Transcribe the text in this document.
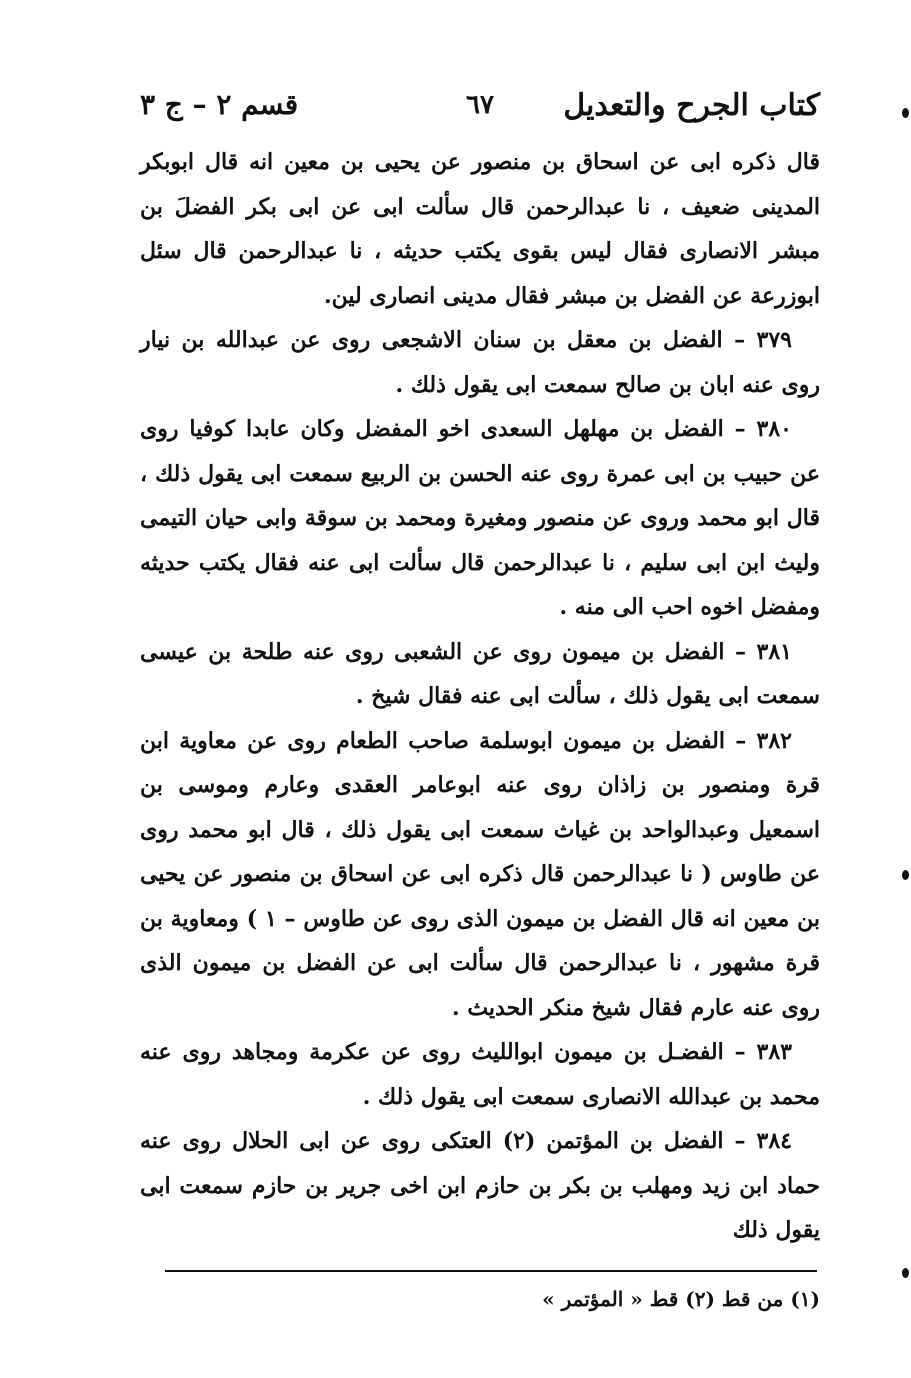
كتاب الجرح والتعديل
٦٧
قسم ٢ – ج ٣

قال ذكره ابى عن اسحاق بن منصور عن يحيى بن معين انه قال ابوبكر المدينى ضعيف ، نا عبدالرحمن قال سألت ابى عن ابى بكر الفضلَ بن مبشر الانصارى فقال ليس بقوى يكتب حديثه ، نا عبدالرحمن قال سئل ابوزرعة عن الفضل بن مبشر فقال مدينى انصارى لين.

٣٧٩ – الفضل بن معقل بن سنان الاشجعى روى عن عبدالله بن نيار روى عنه ابان بن صالح سمعت ابى يقول ذلك .

٣٨٠ – الفضل بن مهلهل السعدى اخو المفضل وكان عابدا كوفيا روى عن حبيب بن ابى عمرة روى عنه الحسن بن الربيع سمعت ابى يقول ذلك ، قال ابو محمد وروى عن منصور ومغيرة ومحمد بن سوقة وابى حيان التيمى وليث ابن ابى سليم ، نا عبدالرحمن قال سألت ابى عنه فقال يكتب حديثه ومفضل اخوه احب الى منه .

٣٨١ – الفضل بن ميمون روى عن الشعبى روى عنه طلحة بن عيسى سمعت ابى يقول ذلك ، سألت ابى عنه فقال شيخ .

٣٨٢ – الفضل بن ميمون ابوسلمة صاحب الطعام روى عن معاوية ابن قرة ومنصور بن زاذان روى عنه ابوعامر العقدى وعارم وموسى بن اسمعيل وعبدالواحد بن غياث سمعت ابى يقول ذلك ، قال ابو محمد روى عن طاوس ( نا عبدالرحمن قال ذكره ابى عن اسحاق بن منصور عن يحيى بن معين انه قال الفضل بن ميمون الذى روى عن طاوس – ١ ) ومعاوية بن قرة مشهور ، نا عبدالرحمن قال سألت ابى عن الفضل بن ميمون الذى روى عنه عارم فقال شيخ منكر الحديث .

٣٨٣ – الفضـل بن ميمون ابوالليث روى عن عكرمة ومجاهد روى عنه محمد بن عبدالله الانصارى سمعت ابى يقول ذلك .

٣٨٤ – الفضل بن المؤتمن (٢) العتكى روى عن ابى الحلال روى عنه حماد ابن زيد ومهلب بن بكر بن حازم ابن اخى جرير بن حازم سمعت ابى يقول ذلك

(١) من قط (٢) قط « المؤتمر »
